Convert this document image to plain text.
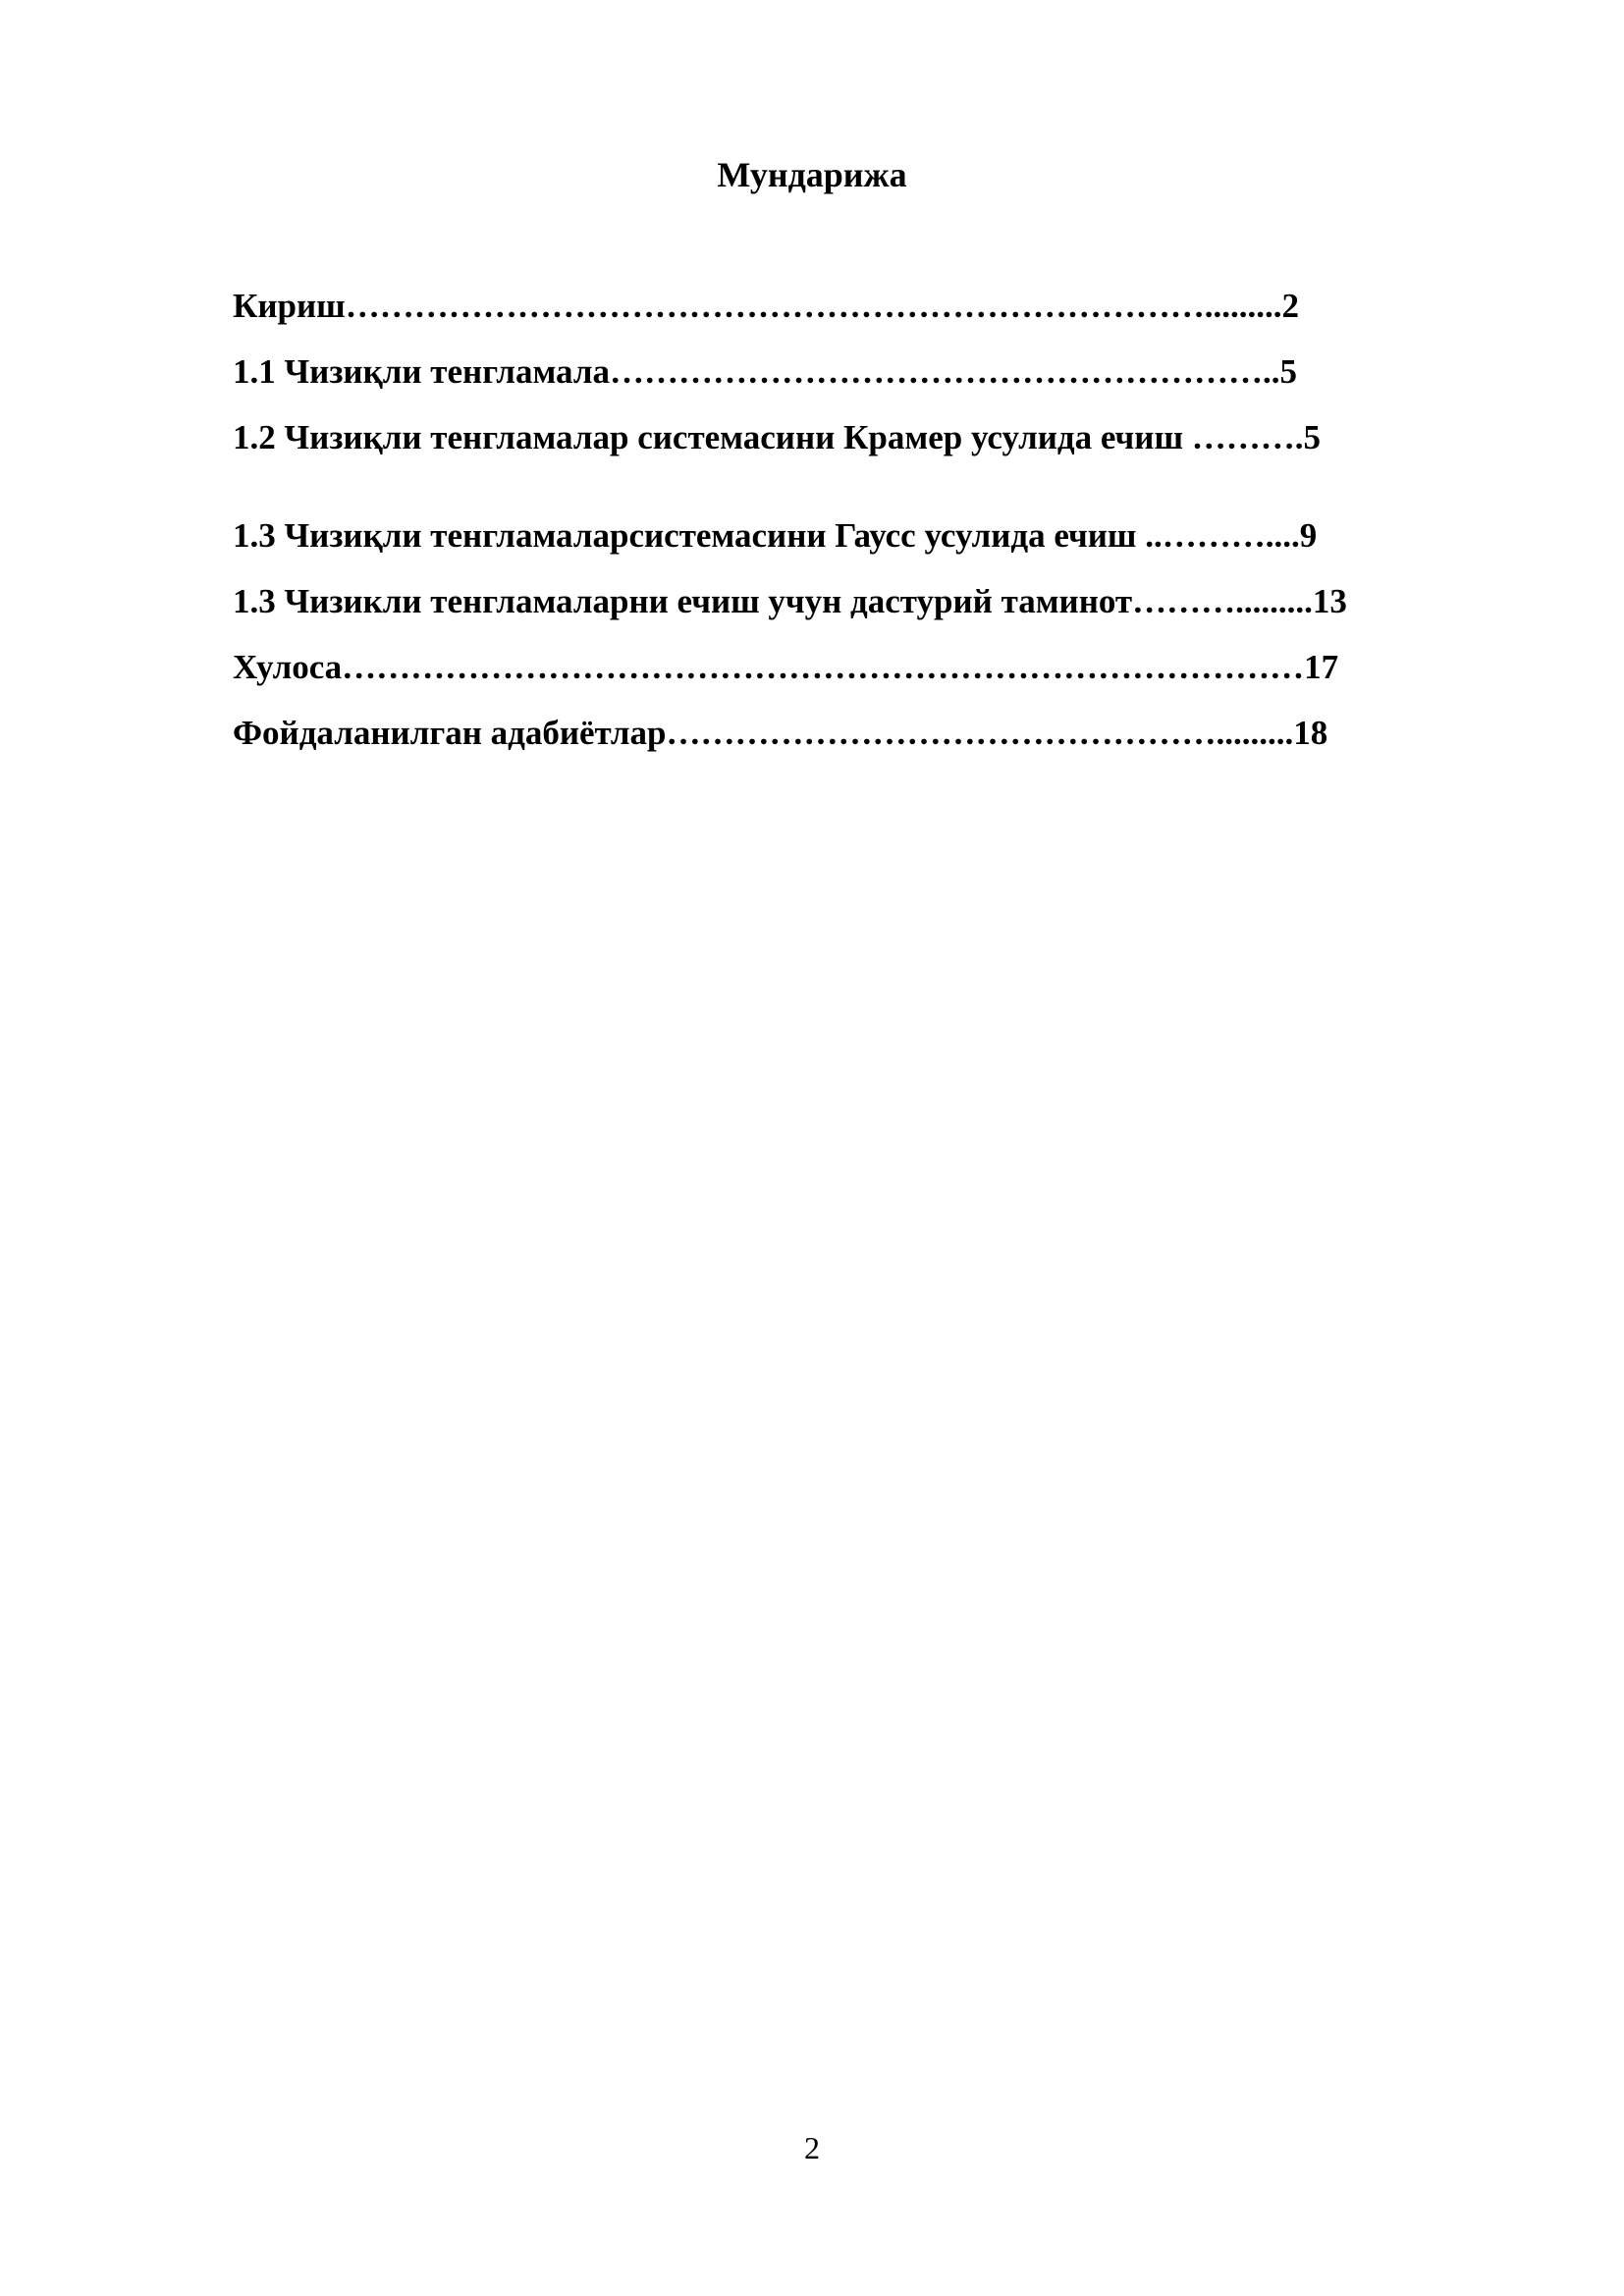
Мундарижа
Кириш………………………………………………………………….........2
1.1 Чизиқли тенгламала…………………………………………………..5
1.2 Чизиқли тенгламалар системасини Крамер усулида ечиш ……….5
1.3 Чизиқли тенгламаларсистемасини Гаусс усулида ечиш ..………....9
1.3 Чизикли тенгламаларни ечиш учун дастурий таминот……….........13
Хулоса…………………………………………………………………………17
Фойдаланилган адабиётлар………………………………………….........18
2
